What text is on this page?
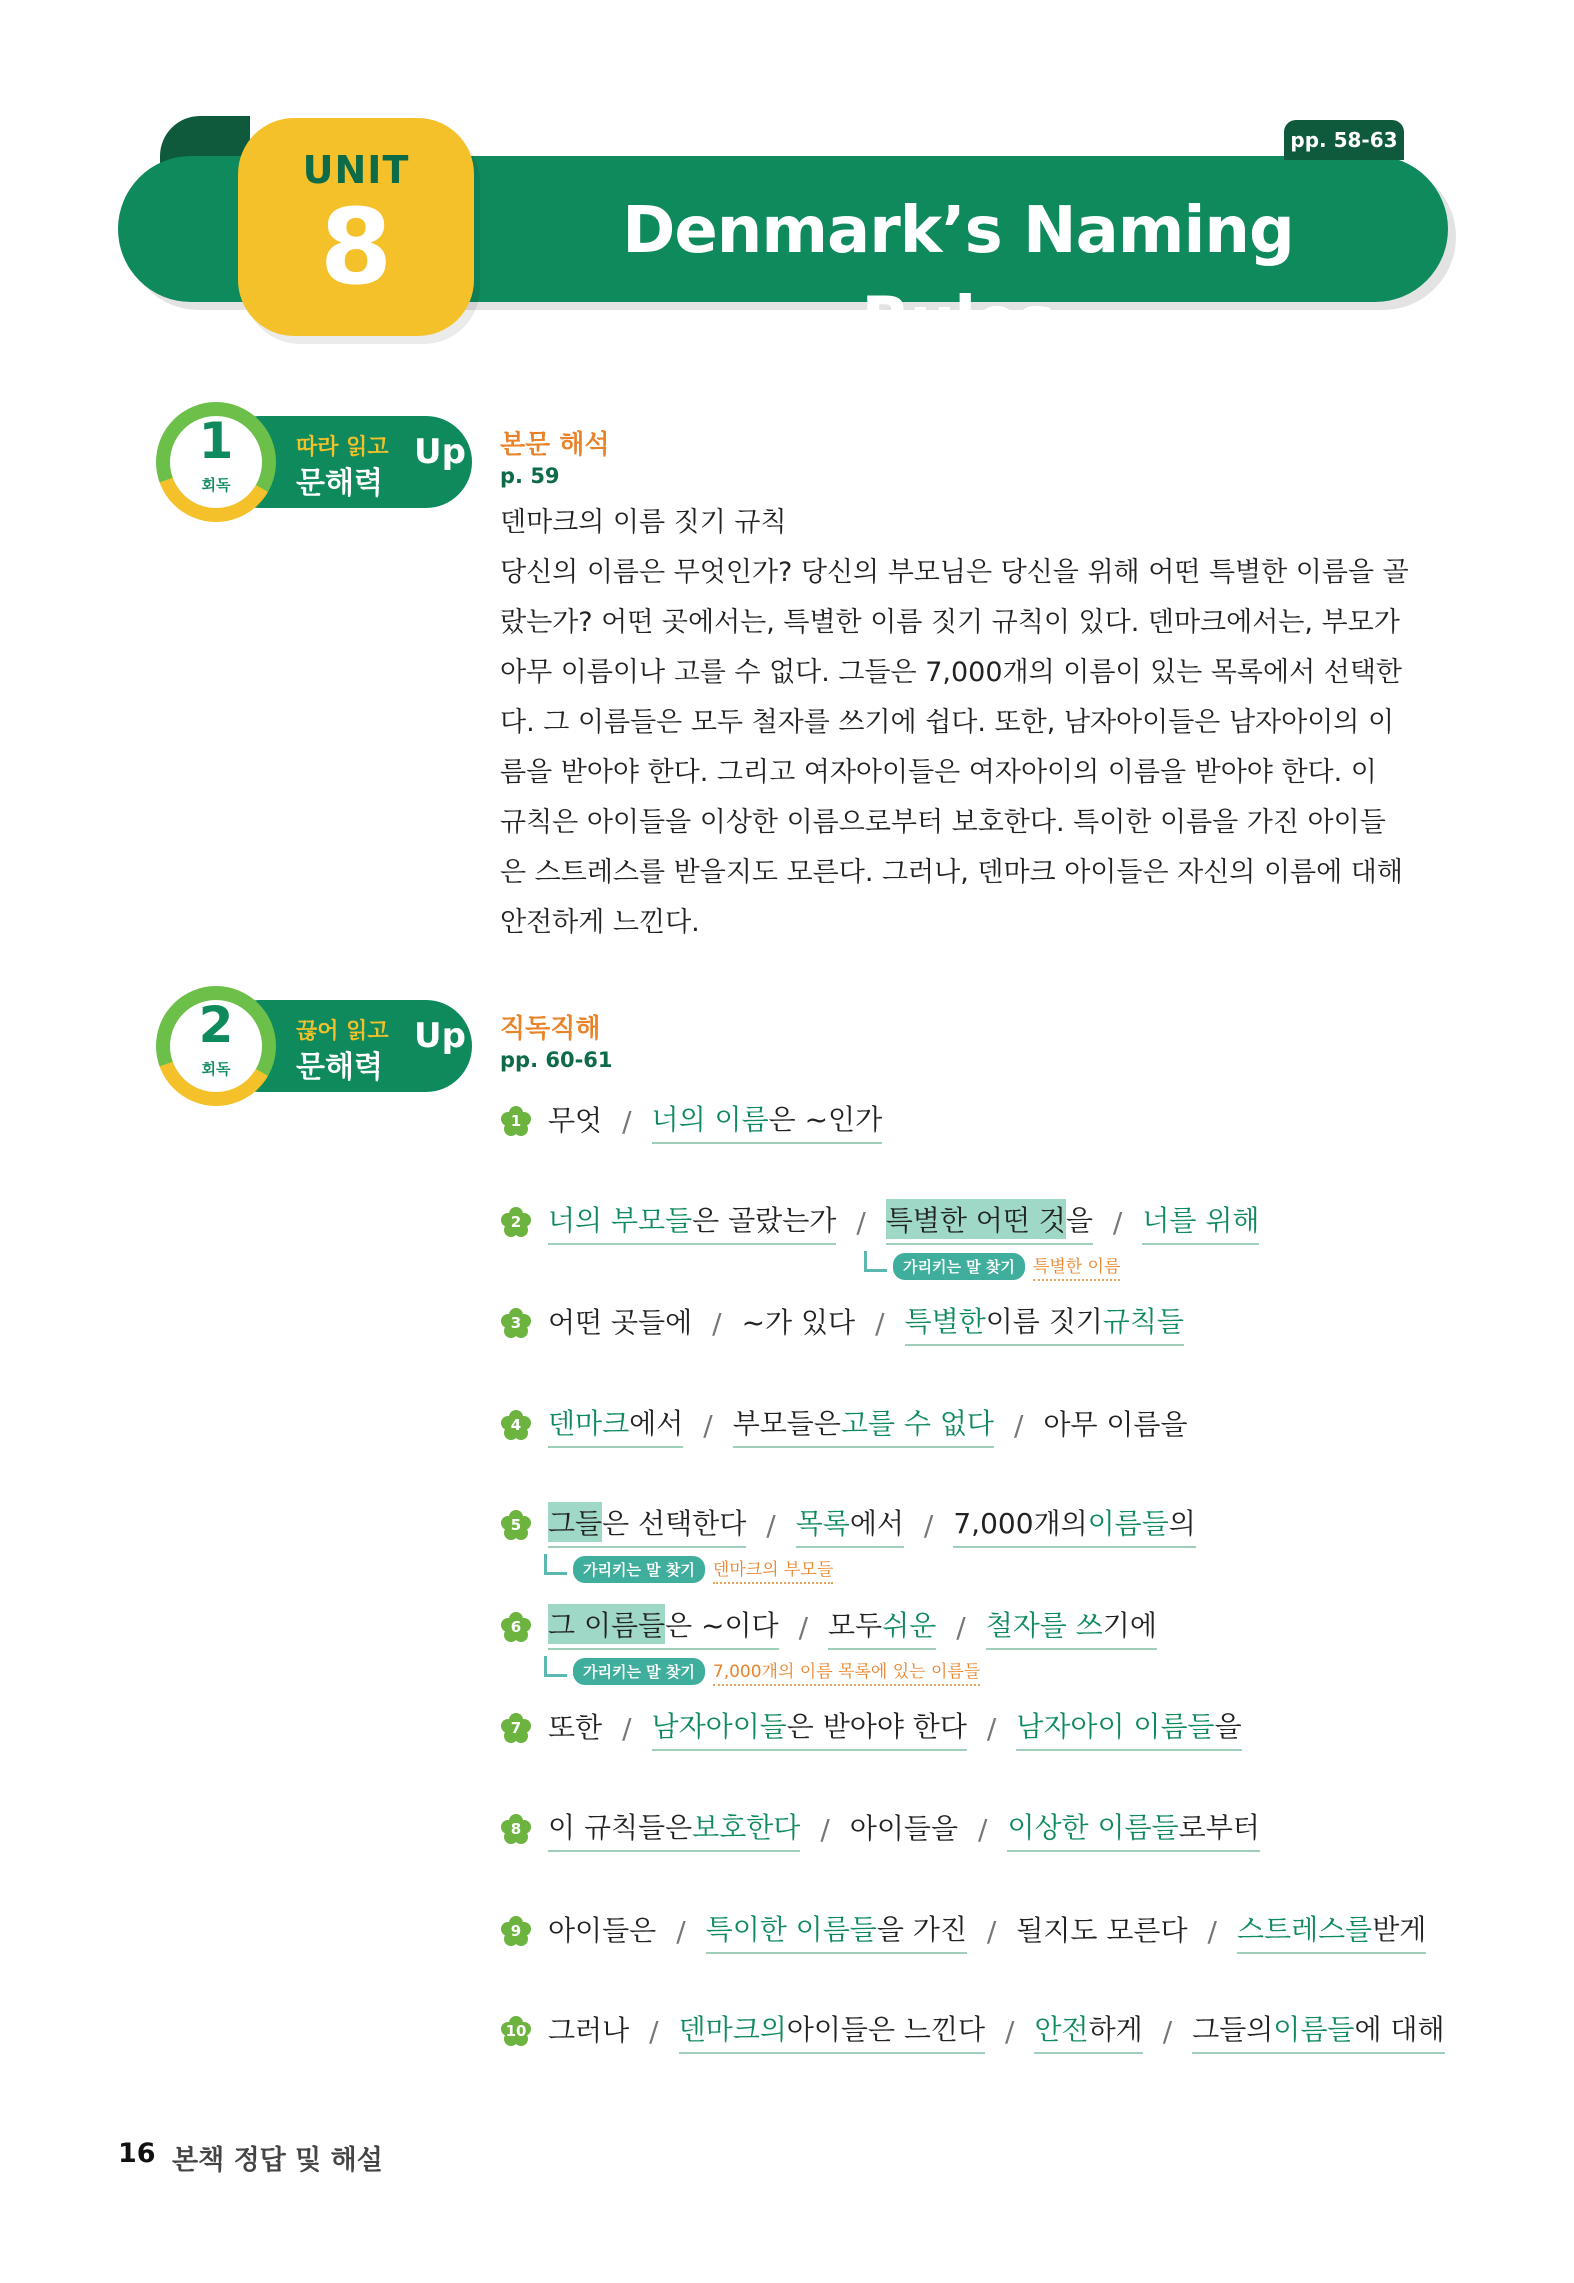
pp. 58-63
Denmark’s Naming Rules
UNIT
8
1
회독
따라 읽고
문해력
Up 본문 해석
p. 59
덴마크의 이름 짓기 규칙

당신의 이름은 무엇인가? 당신의 부모님은 당신을 위해 어떤 특별한 이름을 골랐는가? 어떤 곳에서는, 특별한 이름 짓기 규칙이 있다. 덴마크에서는, 부모가 아무 이름이나 고를 수 없다. 그들은 7,000개의 이름이 있는 목록에서 선택한다. 그 이름들은 모두 철자를 쓰기에 쉽다. 또한, 남자아이들은 남자아이의 이름을 받아야 한다. 그리고 여자아이들은 여자아이의 이름을 받아야 한다. 이 규칙은 아이들을 이상한 이름으로부터 보호한다. 특이한 이름을 가진 아이들은 스트레스를 받을지도 모른다. 그러나, 덴마크 아이들은 자신의 이름에 대해 안전하게 느낀다.

2
회독
끊어 읽고
문해력
Up 직독직해
pp. 60-61
1 무엇 / 너의 이름 은 ~인가
2 너의 부모들 은 골랐는가 / 특별한 어떤 것 을 / 너를 위해
가리키는 말 찾기	특별한 이름
3 어떤 곳들에 / ~가 있다 / 특별한 이름 짓기 규칙들
4 덴마크 에서 / 부모들은 고를 수 없다 / 아무 이름을
5 그들 은 선택한다 / 목록 에서 / 7,000개의 이름들 의
가리키는 말 찾기	덴마크의 부모들
6 그 이름들 은 ~이다 / 모두 쉬운 / 철자를 쓰 기에
가리키는 말 찾기	7,000개의 이름 목록에 있는 이름들
7 또한 / 남자아이들 은 받아야 한다 / 남자아이 이름들 을
8 이 규칙들은 보호한다 / 아이들을 / 이상한 이름들 로부터
9 아이들은 / 특이한 이름들 을 가진 / 될지도 모른다 / 스트레스를 받게
10 그러나 / 덴마크의 아이들은 느낀다 / 안전 하게 / 그들의 이름들 에 대해
16 본책 정답 및 해설
